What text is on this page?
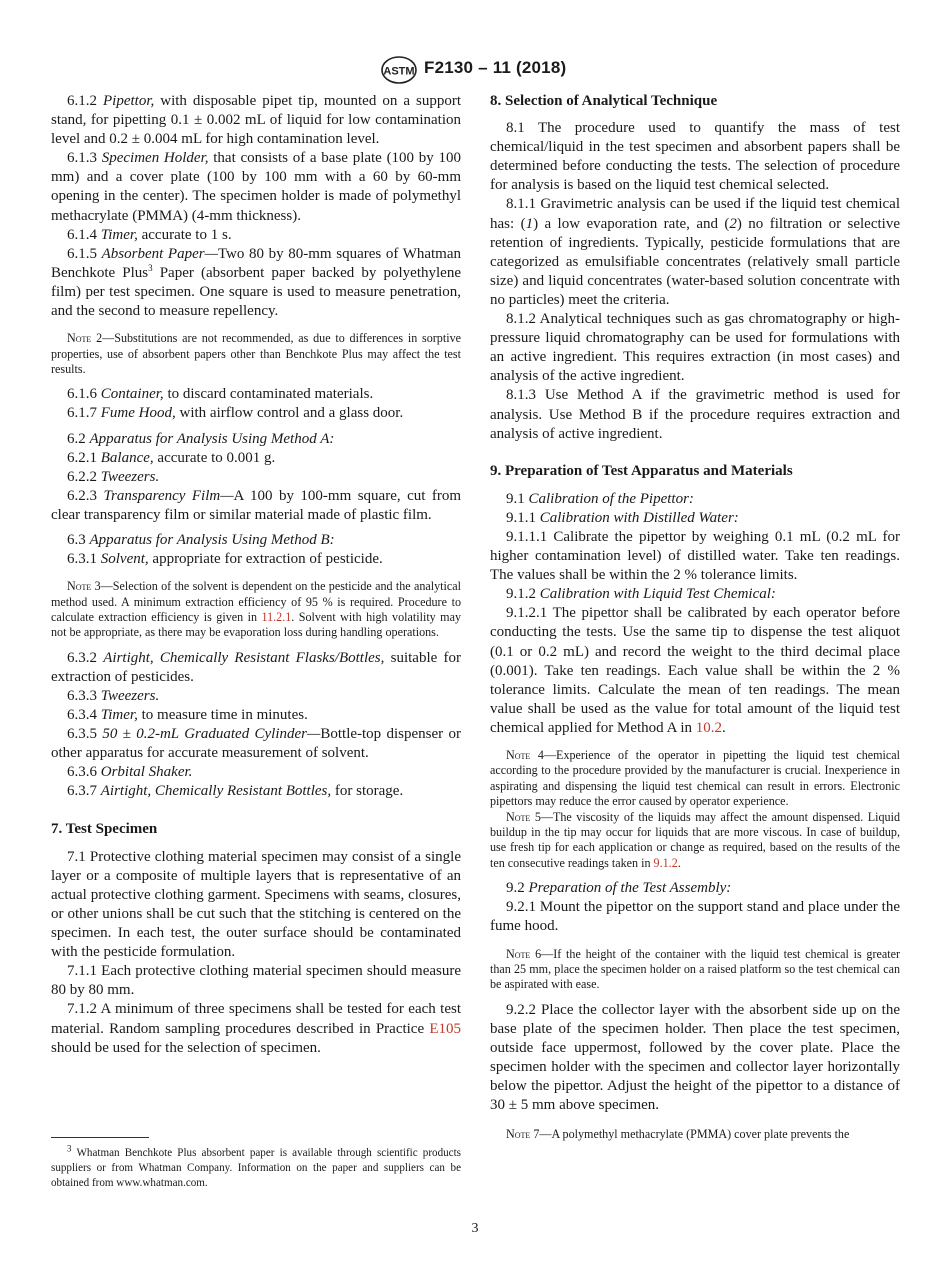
ASTM F2130 – 11 (2018)

6.1.2 Pipettor, with disposable pipet tip, mounted on a support stand, for pipetting 0.1 ± 0.002 mL of liquid for low contamination level and 0.2 ± 0.004 mL for high contamination level.

6.1.3 Specimen Holder, that consists of a base plate (100 by 100 mm) and a cover plate (100 by 100 mm with a 60 by 60-mm opening in the center). The specimen holder is made of polymethyl methacrylate (PMMA) (4-mm thickness).

6.1.4 Timer, accurate to 1 s.

6.1.5 Absorbent Paper—Two 80 by 80-mm squares of Whatman Benchkote Plus$^3$ Paper (absorbent paper backed by polyethylene film) per test specimen. One square is used to measure penetration, and the second to measure repellency.

Note 2—Substitutions are not recommended, as due to differences in sorptive properties, use of absorbent papers other than Benchkote Plus may affect the test results.

6.1.6 Container, to discard contaminated materials.

6.1.7 Fume Hood, with airflow control and a glass door.

6.2 Apparatus for Analysis Using Method A:

6.2.1 Balance, accurate to 0.001 g.

6.2.2 Tweezers.

6.2.3 Transparency Film—A 100 by 100-mm square, cut from clear transparency film or similar material made of plastic film.

6.3 Apparatus for Analysis Using Method B:

6.3.1 Solvent, appropriate for extraction of pesticide.

Note 3—Selection of the solvent is dependent on the pesticide and the analytical method used. A minimum extraction efficiency of 95 % is required. Procedure to calculate extraction efficiency is given in 11.2.1. Solvent with high volatility may not be appropriate, as there may be evaporation loss during handling operations.

6.3.2 Airtight, Chemically Resistant Flasks/Bottles, suitable for extraction of pesticides.

6.3.3 Tweezers.

6.3.4 Timer, to measure time in minutes.

6.3.5 50 ± 0.2-mL Graduated Cylinder—Bottle-top dispenser or other apparatus for accurate measurement of solvent.

6.3.6 Orbital Shaker.

6.3.7 Airtight, Chemically Resistant Bottles, for storage.

7. Test Specimen

7.1 Protective clothing material specimen may consist of a single layer or a composite of multiple layers that is representative of an actual protective clothing garment. Specimens with seams, closures, or other unions shall be cut such that the stitching is centered on the specimen. In each test, the outer surface should be contaminated with the pesticide formulation.

7.1.1 Each protective clothing material specimen should measure 80 by 80 mm.

7.1.2 A minimum of three specimens shall be tested for each test material. Random sampling procedures described in Practice E105 should be used for the selection of specimen.

$^3$ Whatman Benchkote Plus absorbent paper is available through scientific products suppliers or from Whatman Company. Information on the paper and suppliers can be obtained from www.whatman.com.

8. Selection of Analytical Technique

8.1 The procedure used to quantify the mass of test chemical/liquid in the test specimen and absorbent papers shall be determined before conducting the tests. The selection of procedure for analysis is based on the liquid test chemical selected.

8.1.1 Gravimetric analysis can be used if the liquid test chemical has: (1) a low evaporation rate, and (2) no filtration or selective retention of ingredients. Typically, pesticide formulations that are categorized as emulsifiable concentrates (relatively small particle size) and liquid concentrates (water-based solution concentrate with no particles) meet the criteria.

8.1.2 Analytical techniques such as gas chromatography or high-pressure liquid chromatography can be used for formulations with an active ingredient. This requires extraction (in most cases) and analysis of the active ingredient.

8.1.3 Use Method A if the gravimetric method is used for analysis. Use Method B if the procedure requires extraction and analysis of active ingredient.

9. Preparation of Test Apparatus and Materials

9.1 Calibration of the Pipettor:

9.1.1 Calibration with Distilled Water:

9.1.1.1 Calibrate the pipettor by weighing 0.1 mL (0.2 mL for higher contamination level) of distilled water. Take ten readings. The values shall be within the 2 % tolerance limits.

9.1.2 Calibration with Liquid Test Chemical:

9.1.2.1 The pipettor shall be calibrated by each operator before conducting the tests. Use the same tip to dispense the test aliquot (0.1 or 0.2 mL) and record the weight to the third decimal place (0.001). Take ten readings. Each value shall be within the 2 % tolerance limits. Calculate the mean of ten readings. The mean value shall be used as the value for total amount of the liquid test chemical applied for Method A in 10.2.

Note 4—Experience of the operator in pipetting the liquid test chemical according to the procedure provided by the manufacturer is crucial. Inexperience in aspirating and dispensing the liquid test chemical can result in errors. Electronic pipettors may reduce the error caused by operator experience.

Note 5—The viscosity of the liquids may affect the amount dispensed. Liquid buildup in the tip may occur for liquids that are more viscous. In case of buildup, use fresh tip for each application or change as required, based on the results of the ten consecutive readings taken in 9.1.2.

9.2 Preparation of the Test Assembly:

9.2.1 Mount the pipettor on the support stand and place under the fume hood.

Note 6—If the height of the container with the liquid test chemical is greater than 25 mm, place the specimen holder on a raised platform so the test chemical can be aspirated with ease.

9.2.2 Place the collector layer with the absorbent side up on the base plate of the specimen holder. Then place the test specimen, outside face uppermost, followed by the cover plate. Place the specimen holder with the specimen and collector layer horizontally below the pipettor. Adjust the height of the pipettor to a distance of 30 ± 5 mm above specimen.

Note 7—A polymethyl methacrylate (PMMA) cover plate prevents the

3
